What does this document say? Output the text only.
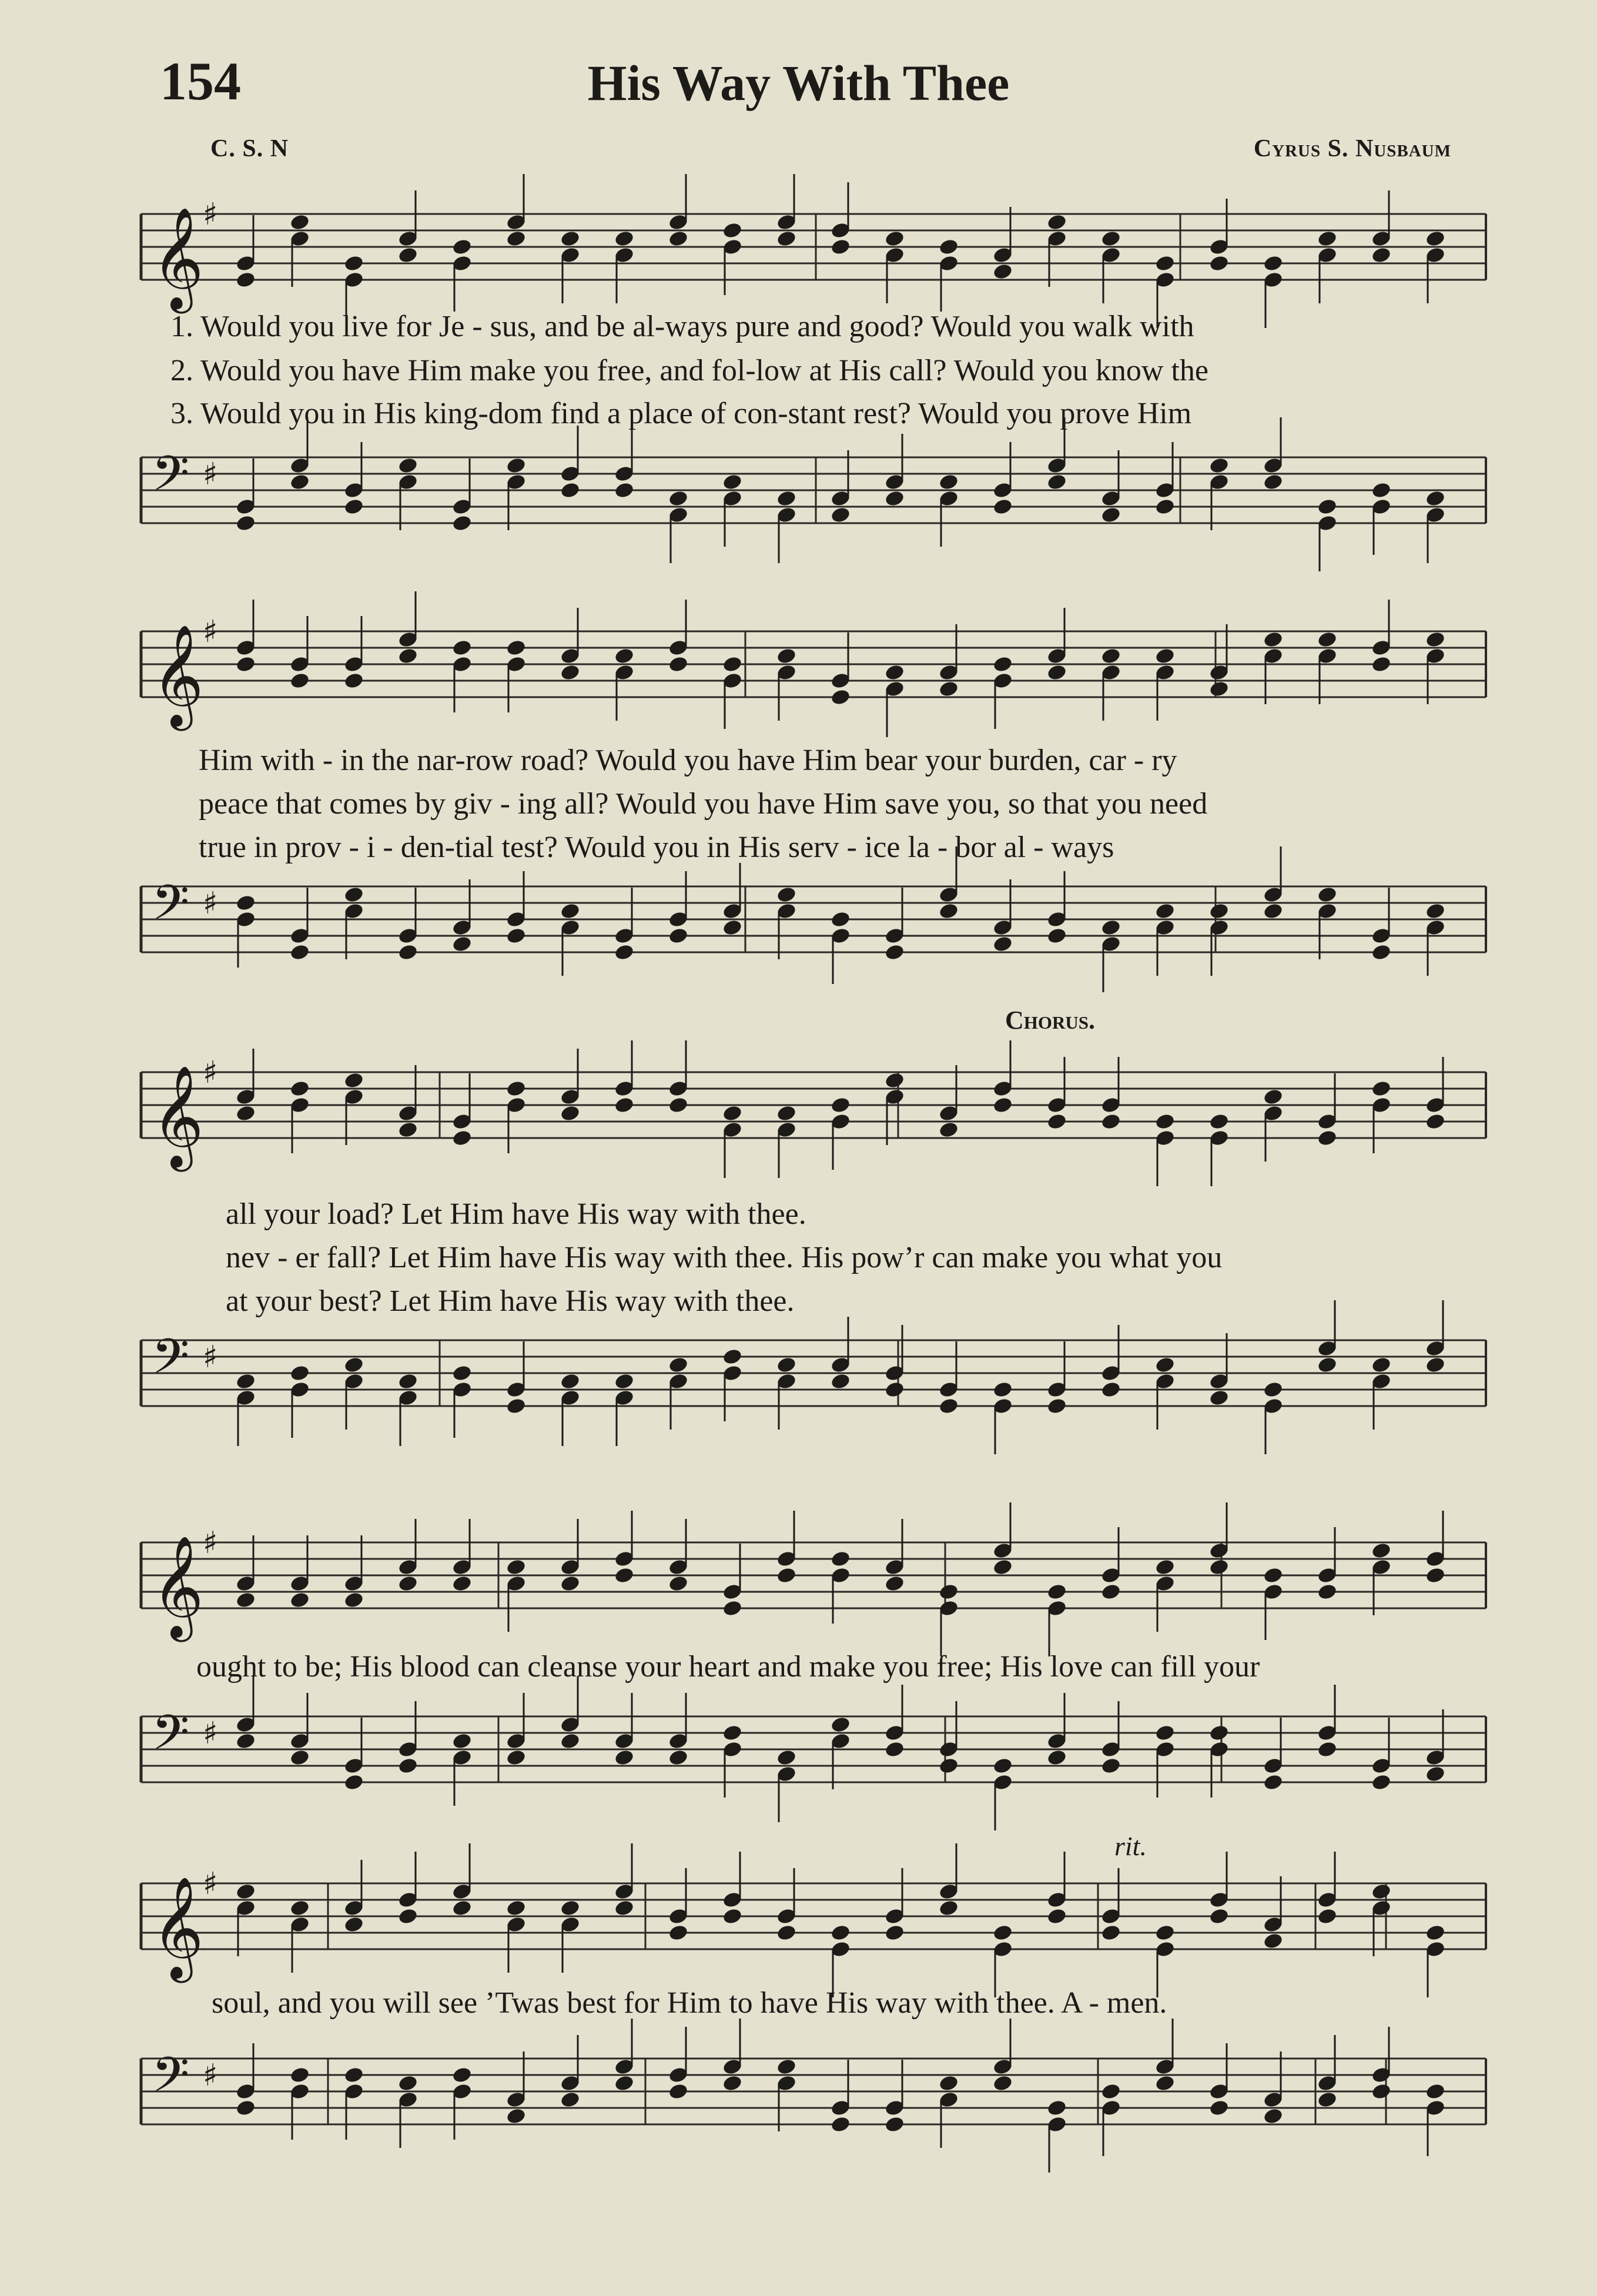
154	His Way With Thee
C. S. N	Cyrus S. Nusbaum
𝄞
♯
1. Would you live for Je - sus, and be al-ways pure and good? Would you walk with
2. Would you have Him make you free, and fol-low at His call? Would you know the
3. Would you in His king-dom find a place of con-stant rest? Would you prove Him
𝄢 ♯
𝄞
♯
Him with - in the nar-row road? Would you have Him bear your burden, car - ry
peace that comes by giv - ing all? Would you have Him save you, so that you need
true in prov - i - den-tial test? Would you in His serv - ice la - bor al - ways
𝄢 ♯
Chorus.
𝄞
♯
all your load? Let Him have His way with thee.
nev - er fall? Let Him have His way with thee. His pow’r can make you what you
at your best? Let Him have His way with thee.
𝄢 ♯
𝄞
♯
ought to be; His blood can cleanse your heart and make you free; His love can fill your
𝄢 ♯
rit.
𝄞
♯
soul, and you will see ’Twas best for Him to have His way with thee. A - men.
𝄢 ♯
